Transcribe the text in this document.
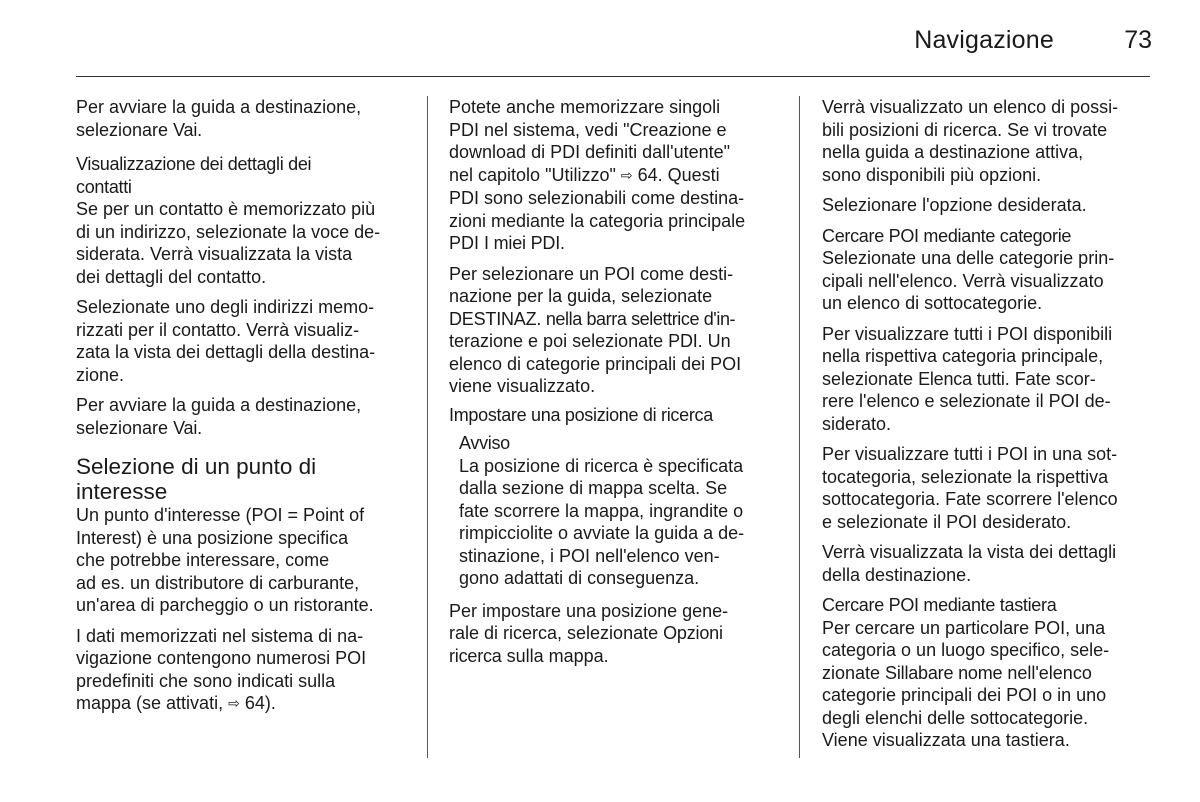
Navigazione	73
Per avviare la guida a destinazione,
selezionare Vai.
Visualizzazione dei dettagli dei
contatti
Se per un contatto è memorizzato più
di un indirizzo, selezionate la voce de-
siderata. Verrà visualizzata la vista
dei dettagli del contatto.
Selezionate uno degli indirizzi memo-
rizzati per il contatto. Verrà visualiz-
zata la vista dei dettagli della destina-
zione.
Per avviare la guida a destinazione,
selezionare Vai.
Selezione di un punto di
interesse
Un punto d'interesse (POI = Point of
Interest) è una posizione specifica
che potrebbe interessare, come
ad es. un distributore di carburante,
un'area di parcheggio o un ristorante.
I dati memorizzati nel sistema di na-
vigazione contengono numerosi POI
predefiniti che sono indicati sulla
mappa (se attivati, ⇨ 64).
Potete anche memorizzare singoli
PDI nel sistema, vedi "Creazione e
download di PDI definiti dall'utente"
nel capitolo "Utilizzo" ⇨ 64. Questi
PDI sono selezionabili come destina-
zioni mediante la categoria principale
PDI I miei PDI.
Per selezionare un POI come desti-
nazione per la guida, selezionate
DESTINAZ. nella barra selettrice d'in-
terazione e poi selezionate PDI. Un
elenco di categorie principali dei POI
viene visualizzato.
Impostare una posizione di ricerca
Avviso
La posizione di ricerca è specificata
dalla sezione di mappa scelta. Se
fate scorrere la mappa, ingrandite o
rimpicciolite o avviate la guida a de-
stinazione, i POI nell'elenco ven-
gono adattati di conseguenza.
Per impostare una posizione gene-
rale di ricerca, selezionate Opzioni
ricerca sulla mappa.
Verrà visualizzato un elenco di possi-
bili posizioni di ricerca. Se vi trovate
nella guida a destinazione attiva,
sono disponibili più opzioni.
Selezionare l'opzione desiderata.
Cercare POI mediante categorie
Selezionate una delle categorie prin-
cipali nell'elenco. Verrà visualizzato
un elenco di sottocategorie.
Per visualizzare tutti i POI disponibili
nella rispettiva categoria principale,
selezionate Elenca tutti. Fate scor-
rere l'elenco e selezionate il POI de-
siderato.
Per visualizzare tutti i POI in una sot-
tocategoria, selezionate la rispettiva
sottocategoria. Fate scorrere l'elenco
e selezionate il POI desiderato.
Verrà visualizzata la vista dei dettagli
della destinazione.
Cercare POI mediante tastiera
Per cercare un particolare POI, una
categoria o un luogo specifico, sele-
zionate Sillabare nome nell'elenco
categorie principali dei POI o in uno
degli elenchi delle sottocategorie.
Viene visualizzata una tastiera.
